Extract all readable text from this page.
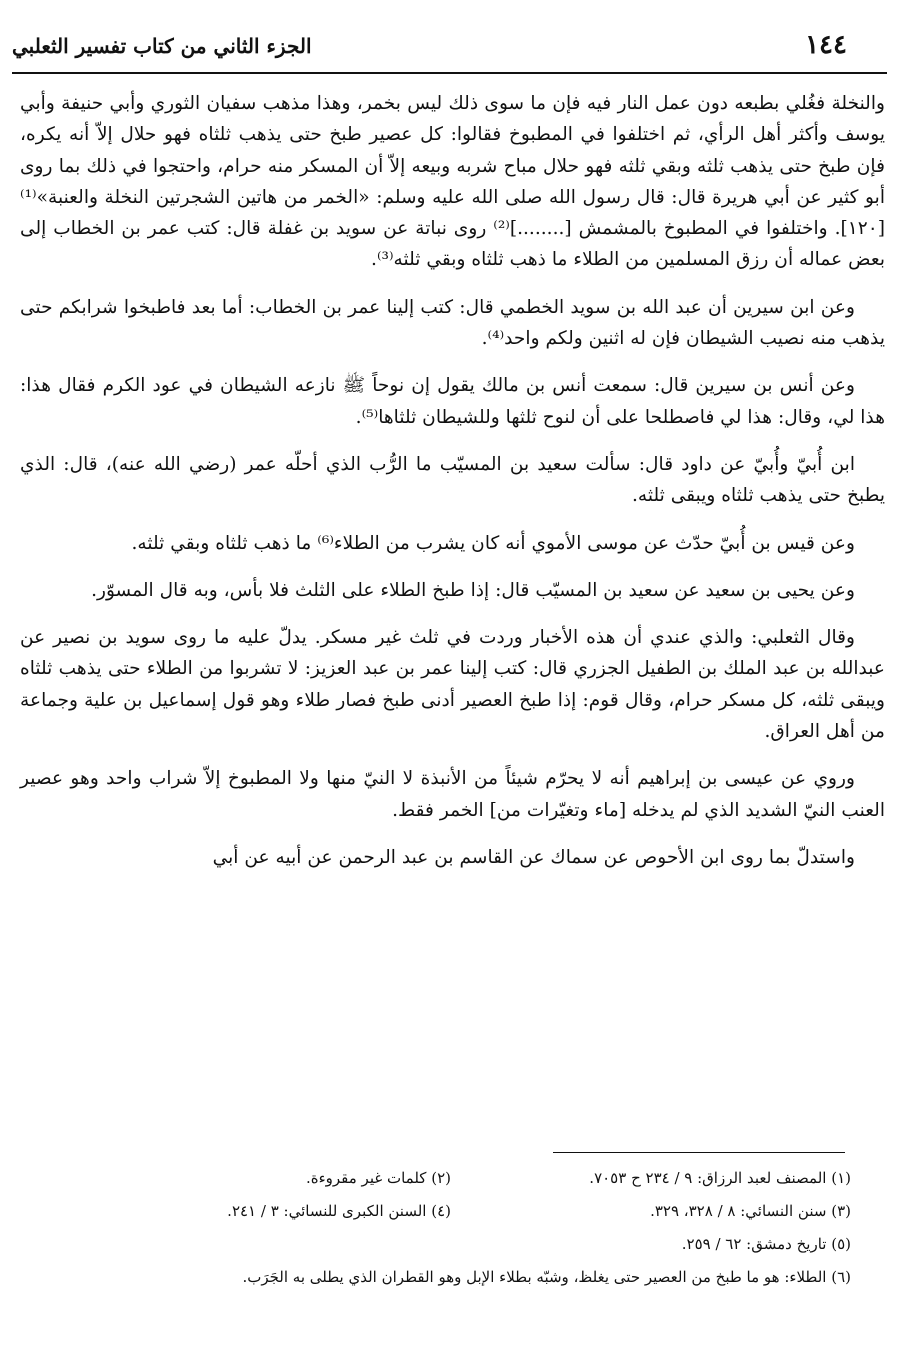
١٤٤
الجزء الثاني من كتاب تفسير الثعلبي

والنخلة فغُلي بطبعه دون عمل النار فيه فإن ما سوى ذلك ليس بخمر، وهذا مذهب سفيان الثوري وأبي حنيفة وأبي يوسف وأكثر أهل الرأي، ثم اختلفوا في المطبوخ فقالوا: كل عصير طبخ حتى يذهب ثلثاه فهو حلال إلاّ أنه يكره، فإن طبخ حتى يذهب ثلثه وبقي ثلثه فهو حلال مباح شربه وبيعه إلاّ أن المسكر منه حرام، واحتجوا في ذلك بما روى أبو كثير عن أبي هريرة قال: قال رسول الله صلى الله عليه وسلم: «الخمر من هاتين الشجرتين النخلة والعنبة»⁽¹⁾ [١٢٠]. واختلفوا في المطبوخ بالمشمش [........]⁽²⁾ روى نباتة عن سويد بن غفلة قال: كتب عمر بن الخطاب إلى بعض عماله أن رزق المسلمين من الطلاء ما ذهب ثلثاه وبقي ثلثه⁽³⁾.

وعن ابن سيرين أن عبد الله بن سويد الخطمي قال: كتب إلينا عمر بن الخطاب: أما بعد فاطبخوا شرابكم حتى يذهب منه نصيب الشيطان فإن له اثنين ولكم واحد⁽⁴⁾.

وعن أنس بن سيرين قال: سمعت أنس بن مالك يقول إن نوحاً ﷺ نازعه الشيطان في عود الكرم فقال هذا: هذا لي، وقال: هذا لي فاصطلحا على أن لنوح ثلثها وللشيطان ثلثاها⁽⁵⁾.

ابن أُبيّ وأُبيّ عن داود قال: سألت سعيد بن المسيّب ما الرُّب الذي أحلّه عمر (رضي الله عنه)، قال: الذي يطبخ حتى يذهب ثلثاه ويبقى ثلثه.

وعن قيس بن أُبيّ حدّث عن موسى الأموي أنه كان يشرب من الطلاء⁽⁶⁾ ما ذهب ثلثاه وبقي ثلثه.

وعن يحيى بن سعيد عن سعيد بن المسيّب قال: إذا طبخ الطلاء على الثلث فلا بأس، وبه قال المسوّر.

وقال الثعلبي: والذي عندي أن هذه الأخبار وردت في ثلث غير مسكر. يدلّ عليه ما روى سويد بن نصير عن عبدالله بن عبد الملك بن الطفيل الجزري قال: كتب إلينا عمر بن عبد العزيز: لا تشربوا من الطلاء حتى يذهب ثلثاه ويبقى ثلثه، كل مسكر حرام، وقال قوم: إذا طبخ العصير أدنى طبخ فصار طلاء وهو قول إسماعيل بن علية وجماعة من أهل العراق.

وروي عن عيسى بن إبراهيم أنه لا يحرّم شيئاً من الأنبذة لا النيّ منها ولا المطبوخ إلاّ شراب واحد وهو عصير العنب النيّ الشديد الذي لم يدخله [ماء وتغيّرات من] الخمر فقط.

واستدلّ بما روى ابن الأحوص عن سماك عن القاسم بن عبد الرحمن عن أبيه عن أبي

(١) المصنف لعبد الرزاق: ٩ / ٢٣٤ ح ٧٠٥٣.
(٢) كلمات غير مقروءة.
(٣) سنن النسائي: ٨ / ٣٢٨، ٣٢٩.
(٤) السنن الكبرى للنسائي: ٣ / ٢٤١.
(٥) تاريخ دمشق: ٦٢ / ٢٥٩.
(٦) الطلاء: هو ما طبخ من العصير حتى يغلظ، وشبّه بطلاء الإبل وهو القطران الذي يطلى به الجَرَب.
